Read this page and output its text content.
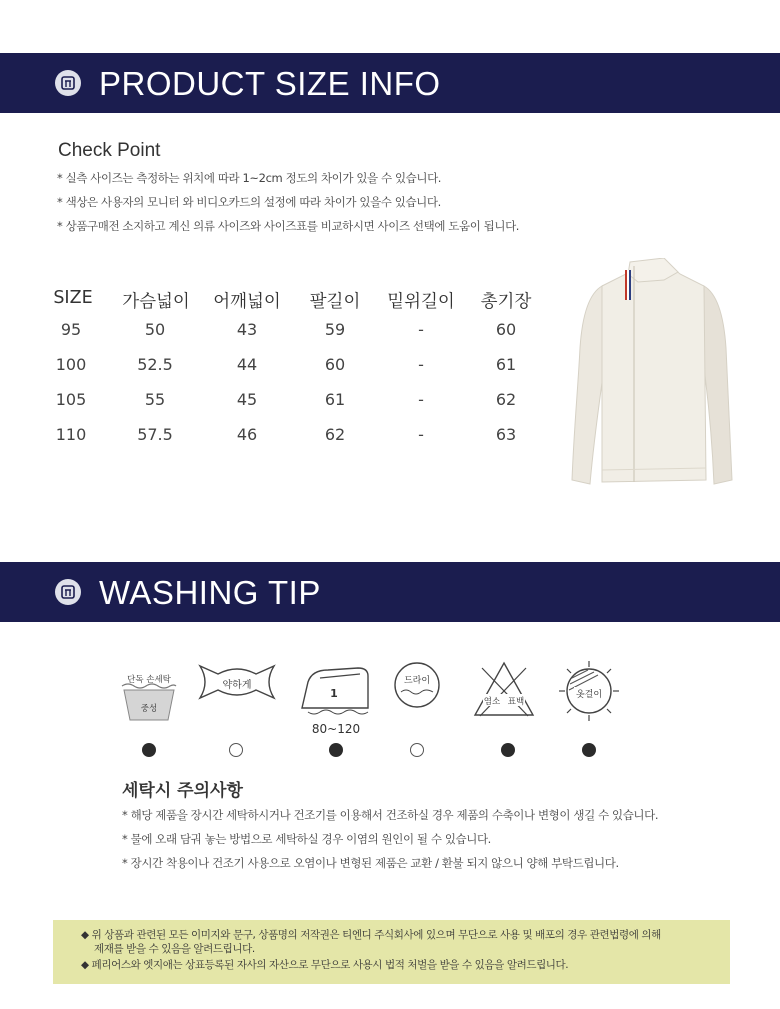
PRODUCT SIZE INFO
Check Point
* 실측 사이즈는 측정하는 위치에 따라 1~2cm 정도의 차이가 있을 수 있습니다.
* 색상은 사용자의 모니터 와 비디오카드의 설정에 따라 차이가 있을수 있습니다.
* 상품구매전 소지하고 계신 의류 사이즈와 사이즈표를 비교하시면 사이즈 선택에 도움이 됩니다.
SIZE	가슴넓이	어깨넓이	팔길이	밑위길이	총기장
95	50	43	59	-	60
100	52.5	44	60	-	61
105	55	45	61	-	62
110	57.5	46	62	-	63
WASHING TIP
단독 손세탁
중성
약하게
1
80~120
드라이
염소 표백
옷걸이
세탁시 주의사항
* 해당 제품을 장시간 세탁하시거나 건조기를 이용해서 건조하실 경우 제품의 수축이나 변형이 생길 수 있습니다.
* 물에 오래 담궈 놓는 방법으로 세탁하실 경우 이염의 원인이 될 수 있습니다.
* 장시간 착용이나 건조기 사용으로 오염이나 변형된 제품은 교환 / 환불 되지 않으니 양해 부탁드립니다.
◆ 위 상품과 관련된 모든 이미지와 문구, 상품명의 저작권은 티엔디 주식회사에 있으며 무단으로 사용 및 배포의 경우 관련법령에 의해
제재를 받을 수 있음을 알려드립니다.
◆ 페리어스와 엣지애는 상표등록된 자사의 자산으로 무단으로 사용시 법적 처벌을 받을 수 있음을 알려드립니다.
